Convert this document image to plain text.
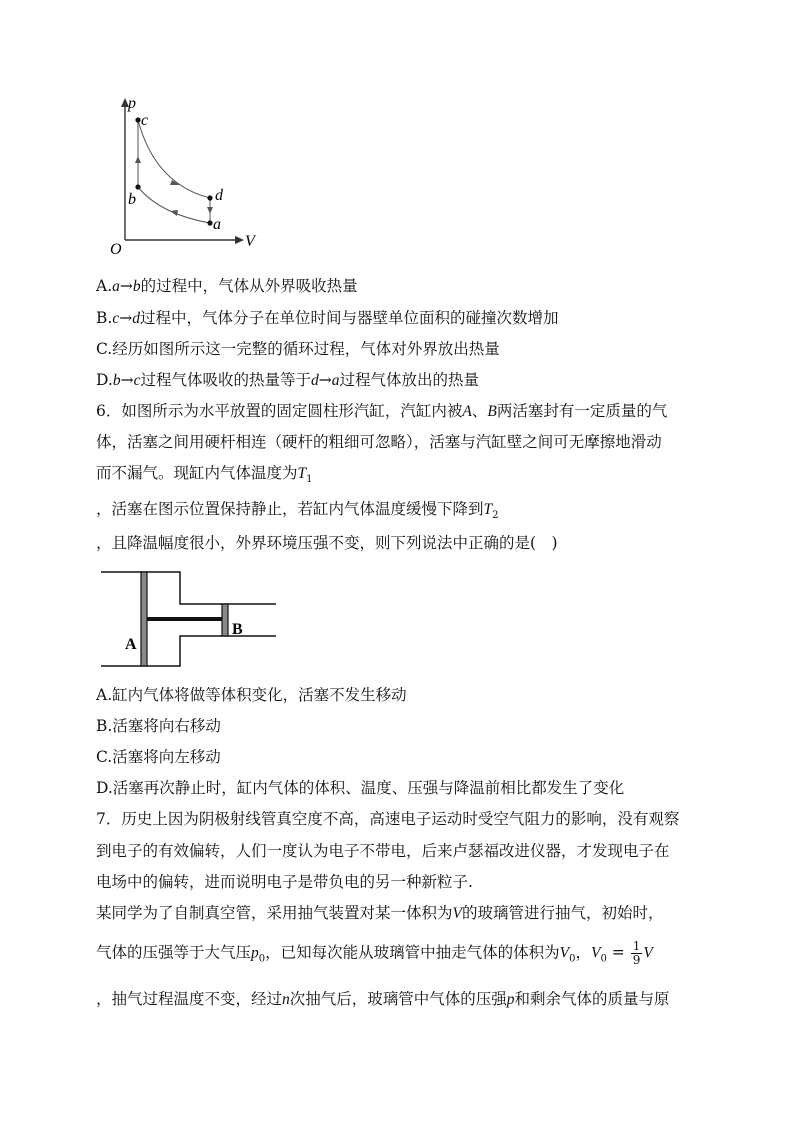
p
V
O
c
b	d
a
A.a→b的过程中，气体从外界吸收热量
B.c→d过程中，气体分子在单位时间与器壁单位面积的碰撞次数增加
C.经历如图所示这一完整的循环过程，气体对外界放出热量
D.b→c过程气体吸收的热量等于d→a过程气体放出的热量
6．如图所示为水平放置的固定圆柱形汽缸，汽缸内被A、B两活塞封有一定质量的气
体，活塞之间用硬杆相连（硬杆的粗细可忽略），活塞与汽缸壁之间可无摩擦地滑动
而不漏气。现缸内气体温度为$T_1$
，活塞在图示位置保持静止，若缸内气体温度缓慢下降到$T_2$
，且降温幅度很小，外界环境压强不变，则下列说法中正确的是(　)
A
B
A.缸内气体将做等体积变化，活塞不发生移动
B.活塞将向右移动
C.活塞将向左移动
D.活塞再次静止时，缸内气体的体积、温度、压强与降温前相比都发生了变化
7．历史上因为阴极射线管真空度不高，高速电子运动时受空气阻力的影响，没有观察
到电子的有效偏转，人们一度认为电子不带电，后来卢瑟福改进仪器，才发现电子在
电场中的偏转，进而说明电子是带负电的另一种新粒子.
某同学为了自制真空管，采用抽气装置对某一体积为V的玻璃管进行抽气，初始时，
气体的压强等于大气压$p_0$，已知每次能从玻璃管中抽走气体的体积为$V_0$，$V_0 = \frac{1}{9}$ V
，抽气过程温度不变，经过n次抽气后，玻璃管中气体的压强p和剩余气体的质量与原
